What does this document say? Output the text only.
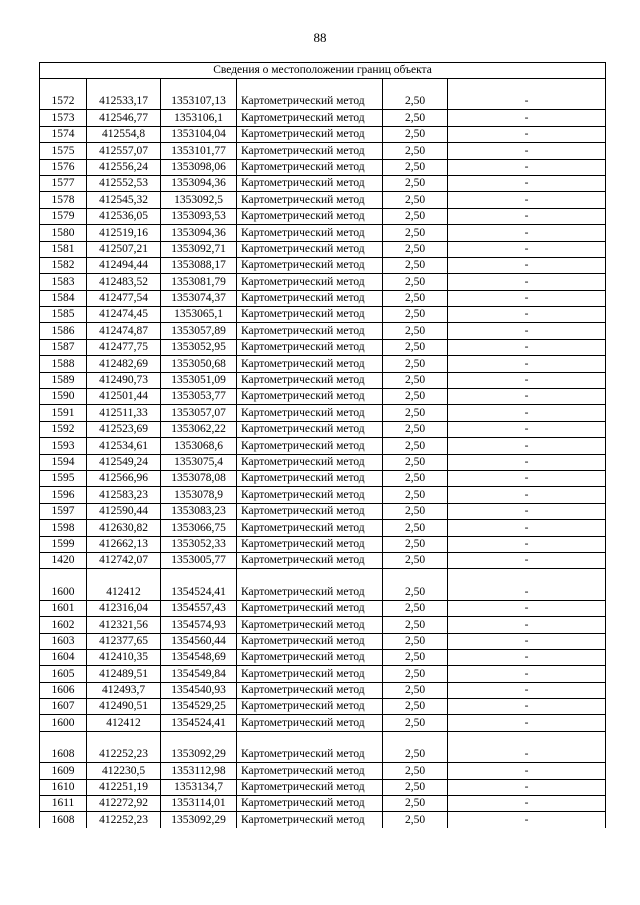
88
Сведения о местоположении границ объекта					

1572	412533,17	1353107,13	Картометрический метод	2,50	-
1573	412546,77	1353106,1	Картометрический метод	2,50	-
1574	412554,8	1353104,04	Картометрический метод	2,50	-
1575	412557,07	1353101,77	Картометрический метод	2,50	-
1576	412556,24	1353098,06	Картометрический метод	2,50	-
1577	412552,53	1353094,36	Картометрический метод	2,50	-
1578	412545,32	1353092,5	Картометрический метод	2,50	-
1579	412536,05	1353093,53	Картометрический метод	2,50	-
1580	412519,16	1353094,36	Картометрический метод	2,50	-
1581	412507,21	1353092,71	Картометрический метод	2,50	-
1582	412494,44	1353088,17	Картометрический метод	2,50	-
1583	412483,52	1353081,79	Картометрический метод	2,50	-
1584	412477,54	1353074,37	Картометрический метод	2,50	-
1585	412474,45	1353065,1	Картометрический метод	2,50	-
1586	412474,87	1353057,89	Картометрический метод	2,50	-
1587	412477,75	1353052,95	Картометрический метод	2,50	-
1588	412482,69	1353050,68	Картометрический метод	2,50	-
1589	412490,73	1353051,09	Картометрический метод	2,50	-
1590	412501,44	1353053,77	Картометрический метод	2,50	-
1591	412511,33	1353057,07	Картометрический метод	2,50	-
1592	412523,69	1353062,22	Картометрический метод	2,50	-
1593	412534,61	1353068,6	Картометрический метод	2,50	-
1594	412549,24	1353075,4	Картометрический метод	2,50	-
1595	412566,96	1353078,08	Картометрический метод	2,50	-
1596	412583,23	1353078,9	Картометрический метод	2,50	-
1597	412590,44	1353083,23	Картометрический метод	2,50	-
1598	412630,82	1353066,75	Картометрический метод	2,50	-
1599	412662,13	1353052,33	Картометрический метод	2,50	-
1420	412742,07	1353005,77	Картометрический метод	2,50	-

1600	412412	1354524,41	Картометрический метод	2,50	-
1601	412316,04	1354557,43	Картометрический метод	2,50	-
1602	412321,56	1354574,93	Картометрический метод	2,50	-
1603	412377,65	1354560,44	Картометрический метод	2,50	-
1604	412410,35	1354548,69	Картометрический метод	2,50	-
1605	412489,51	1354549,84	Картометрический метод	2,50	-
1606	412493,7	1354540,93	Картометрический метод	2,50	-
1607	412490,51	1354529,25	Картометрический метод	2,50	-
1600	412412	1354524,41	Картометрический метод	2,50	-

1608	412252,23	1353092,29	Картометрический метод	2,50	-
1609	412230,5	1353112,98	Картометрический метод	2,50	-
1610	412251,19	1353134,7	Картометрический метод	2,50	-
1611	412272,92	1353114,01	Картометрический метод	2,50	-
1608	412252,23	1353092,29	Картометрический метод	2,50	-
